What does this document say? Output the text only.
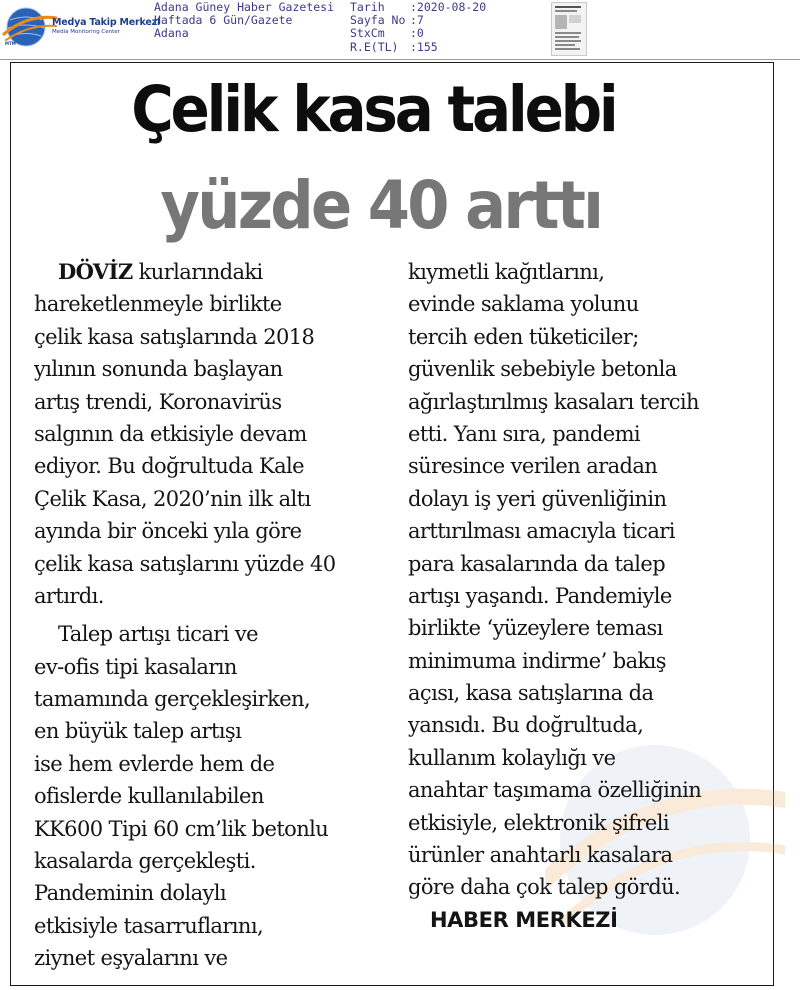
Medya Takip Merkezi
Media Monitoring Center
MTM
Adana Güney Haber Gazetesi
Haftada 6 Gün/Gazete
Adana
Tarih :2020-08-20
Sayfa No :7
StxCm :0
R.E(TL) :155
Çelik kasa talebi
yüzde 40 arttı
DÖVİZ kurlarındaki
hareketlenmeyle birlikte
çelik kasa satışlarında 2018
yılının sonunda başlayan
artış trendi, Koronavirüs
salgının da etkisiyle devam
ediyor. Bu doğrultuda Kale
Çelik Kasa, 2020’nin ilk altı
ayında bir önceki yıla göre
çelik kasa satışlarını yüzde 40
artırdı.
Talep artışı ticari ve
ev-ofis tipi kasaların
tamamında gerçekleşirken,
en büyük talep artışı
ise hem evlerde hem de
ofislerde kullanılabilen
KK600 Tipi 60 cm’lik betonlu
kasalarda gerçekleşti.
Pandeminin dolaylı
etkisiyle tasarruflarını,
ziynet eşyalarını ve
kıymetli kağıtlarını,
evinde saklama yolunu
tercih eden tüketiciler;
güvenlik sebebiyle betonla
ağırlaştırılmış kasaları tercih
etti. Yanı sıra, pandemi
süresince verilen aradan
dolayı iş yeri güvenliğinin
arttırılması amacıyla ticari
para kasalarında da talep
artışı yaşandı. Pandemiyle
birlikte ‘yüzeylere teması
minimuma indirme’ bakış
açısı, kasa satışlarına da
yansıdı. Bu doğrultuda,
kullanım kolaylığı ve
anahtar taşımama özelliğinin
etkisiyle, elektronik şifreli
ürünler anahtarlı kasalara
göre daha çok talep gördü.
HABER MERKEZİ
